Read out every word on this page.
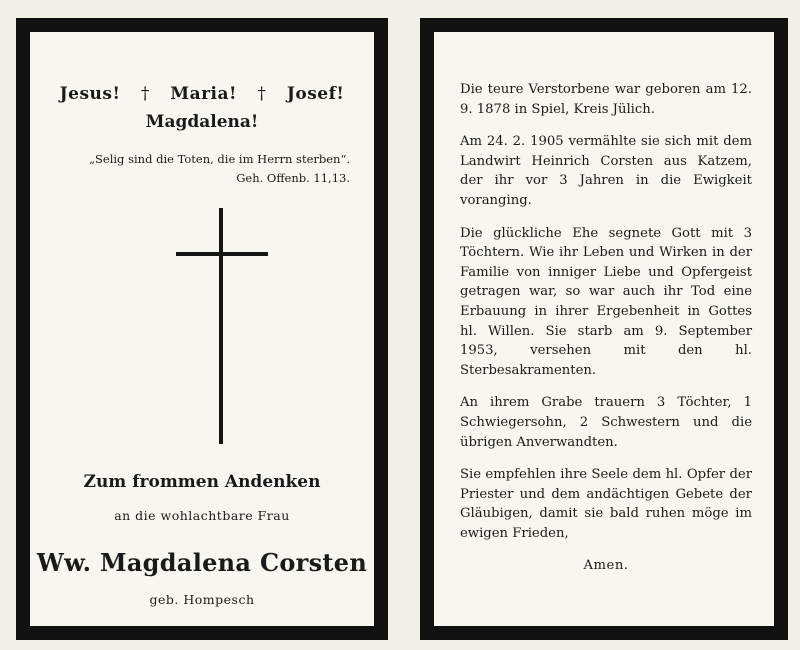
Jesus! † Maria! † Josef!
Magdalena!
„Selig sind die Toten, die im Herrn sterben“.
Geh. Offenb. 11,13.
Zum frommen Andenken
an die wohlachtbare Frau
Ww. Magdalena Corsten
geb. Hompesch

Die teure Verstorbene war geboren am 12. 9. 1878 in Spiel, Kreis Jülich.

Am 24. 2. 1905 vermählte sie sich mit dem Landwirt Heinrich Corsten aus Katzem, der ihr vor 3 Jahren in die Ewigkeit voranging.

Die glückliche Ehe segnete Gott mit 3 Töchtern. Wie ihr Leben und Wirken in der Familie von inniger Liebe und Opfergeist getragen war, so war auch ihr Tod eine Erbauung in ihrer Ergebenheit in Gottes hl. Willen. Sie starb am 9. September 1953, versehen mit den hl. Sterbesakramenten.

An ihrem Grabe trauern 3 Töchter, 1 Schwiegersohn, 2 Schwestern und die übrigen Anverwandten.

Sie empfehlen ihre Seele dem hl. Opfer der Priester und dem andächtigen Gebete der Gläubigen, damit sie bald ruhen möge im ewigen Frieden,

Amen.
